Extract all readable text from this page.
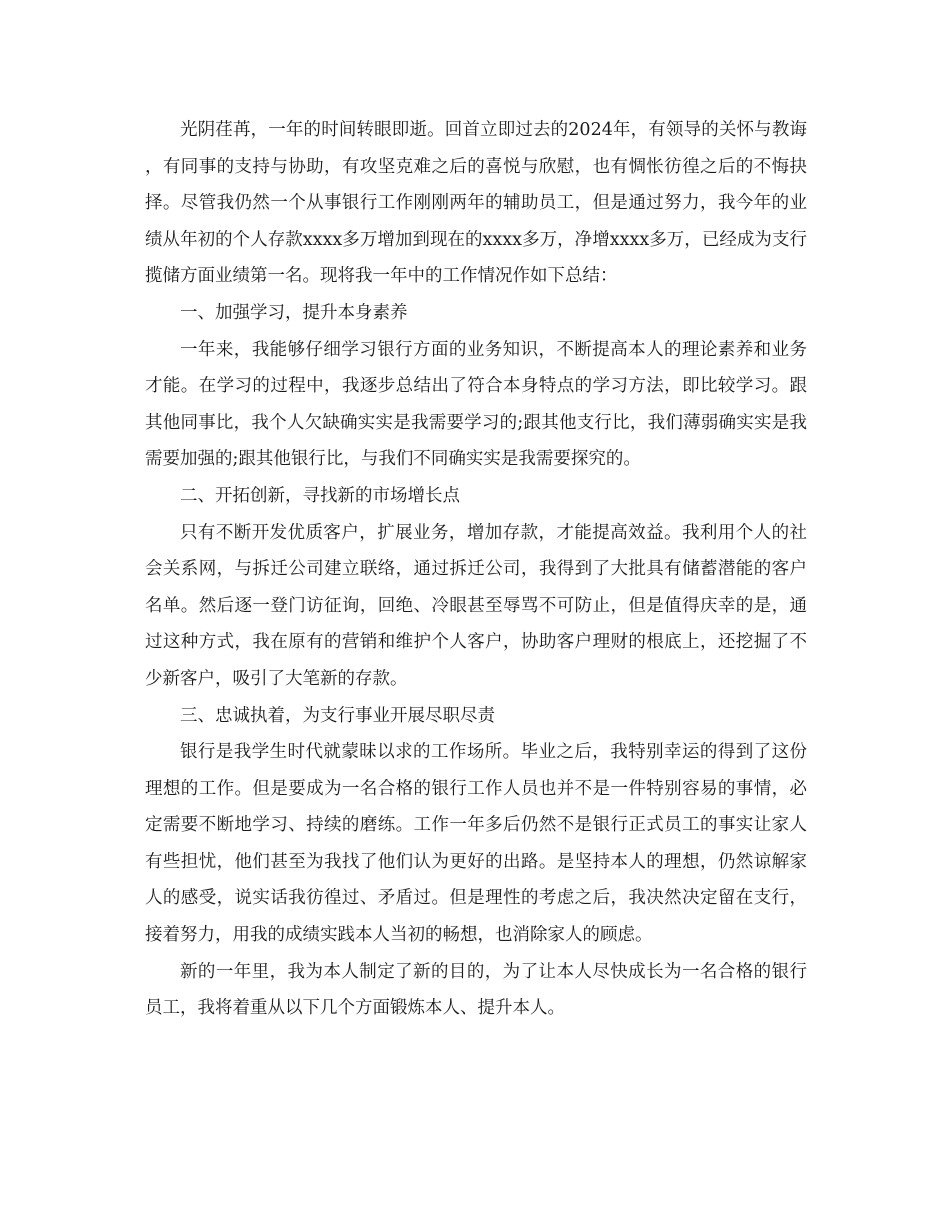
光阴荏苒，一年的时间转眼即逝。回首立即过去的2024年，有领导的关怀与教诲，有同事的支持与协助，有攻坚克难之后的喜悦与欣慰，也有惆怅彷徨之后的不悔抉择。尽管我仍然一个从事银行工作刚刚两年的辅助员工，但是通过努力，我今年的业绩从年初的个人存款xxxx多万增加到现在的xxxx多万，净增xxxx多万，已经成为支行揽储方面业绩第一名。现将我一年中的工作情况作如下总结：

一、加强学习，提升本身素养

一年来，我能够仔细学习银行方面的业务知识，不断提高本人的理论素养和业务才能。在学习的过程中，我逐步总结出了符合本身特点的学习方法，即比较学习。跟其他同事比，我个人欠缺确实实是我需要学习的;跟其他支行比，我们薄弱确实实是我需要加强的;跟其他银行比，与我们不同确实实是我需要探究的。

二、开拓创新，寻找新的市场增长点

只有不断开发优质客户，扩展业务，增加存款，才能提高效益。我利用个人的社会关系网，与拆迁公司建立联络，通过拆迁公司，我得到了大批具有储蓄潜能的客户名单。然后逐一登门访征询，回绝、冷眼甚至辱骂不可防止，但是值得庆幸的是，通过这种方式，我在原有的营销和维护个人客户，协助客户理财的根底上，还挖掘了不少新客户，吸引了大笔新的存款。

三、忠诚执着，为支行事业开展尽职尽责

银行是我学生时代就蒙昧以求的工作场所。毕业之后，我特别幸运的得到了这份理想的工作。但是要成为一名合格的银行工作人员也并不是一件特别容易的事情，必定需要不断地学习、持续的磨练。工作一年多后仍然不是银行正式员工的事实让家人有些担忧，他们甚至为我找了他们认为更好的出路。是坚持本人的理想，仍然谅解家人的感受，说实话我彷徨过、矛盾过。但是理性的考虑之后，我决然决定留在支行，接着努力，用我的成绩实践本人当初的畅想，也消除家人的顾虑。

新的一年里，我为本人制定了新的目的，为了让本人尽快成长为一名合格的银行员工，我将着重从以下几个方面锻炼本人、提升本人。
